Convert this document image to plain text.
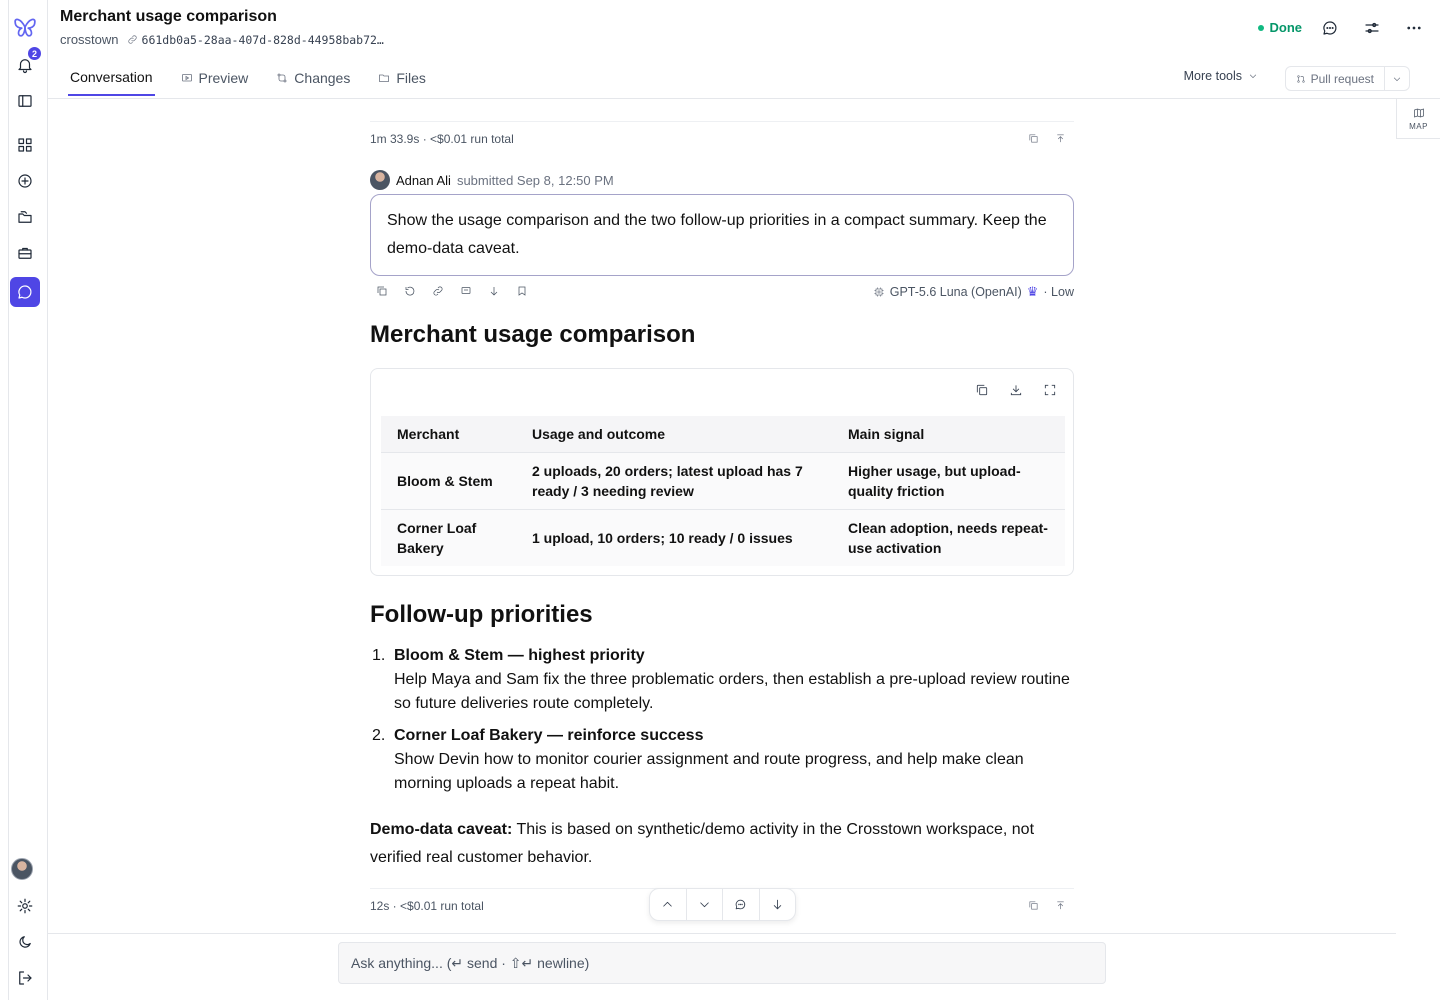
2
Merchant usage comparison
crosstown 661db0a5-28aa-407d-828d-44958bab72…
Done
Conversation	Preview	Changes	Files	More tools	Pull request
MAP
1m 33.9s · <$0.01 run total
Adnan Ali submitted Sep 8, 12:50 PM
Show the usage comparison and the two follow-up priorities in a compact summary. Keep the demo-data caveat.
GPT-5.6 Luna (OpenAI) ♛ · Low
Merchant usage comparison
Merchant	Usage and outcome	Main signal
Bloom & Stem	2 uploads, 20 orders; latest upload has 7 ready / 3 needing review	Higher usage, but upload-quality friction
Corner Loaf Bakery	1 upload, 10 orders; 10 ready / 0 issues	Clean adoption, needs repeat-use activation
Follow-up priorities
1. Bloom & Stem — highest priority
Help Maya and Sam fix the three problematic orders, then establish a pre-upload review routine so future deliveries route completely.
2. Corner Loaf Bakery — reinforce success
Show Devin how to monitor courier assignment and route progress, and help make clean morning uploads a repeat habit.
Demo-data caveat: This is based on synthetic/demo activity in the Crosstown workspace, not verified real customer behavior.
12s · <$0.01 run total
Ask anything... (↵ send · ⇧↵ newline)
